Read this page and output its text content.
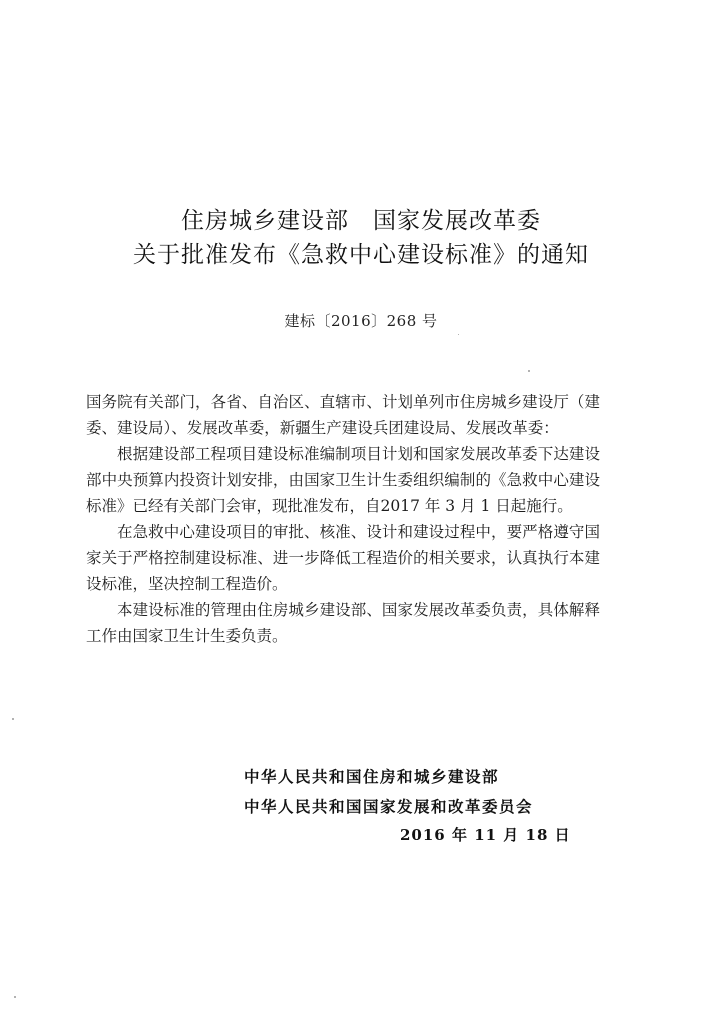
住房城乡建设部　国家发展改革委
关于批准发布《急救中心建设标准》的通知
建标〔2016〕268 号

国务院有关部门，各省、自治区、直辖市、计划单列市住房城乡建设厅（建委、建设局）、发展改革委，新疆生产建设兵团建设局、发展改革委：

根据建设部工程项目建设标准编制项目计划和国家发展改革委下达建设部中央预算内投资计划安排，由国家卫生计生委组织编制的《急救中心建设标准》已经有关部门会审，现批准发布，自2017 年 3 月 1 日起施行。

在急救中心建设项目的审批、核准、设计和建设过程中，要严格遵守国家关于严格控制建设标准、进一步降低工程造价的相关要求，认真执行本建设标准，坚决控制工程造价。

本建设标准的管理由住房城乡建设部、国家发展改革委负责，具体解释工作由国家卫生计生委负责。

中华人民共和国住房和城乡建设部
中华人民共和国国家发展和改革委员会
2016 年 11 月 18 日
